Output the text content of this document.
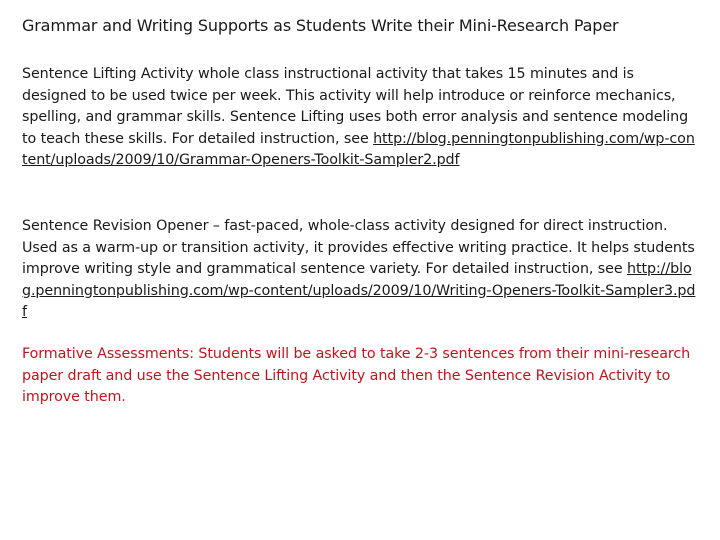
Grammar and Writing Supports as Students Write their Mini-Research Paper

Sentence Lifting Activity whole class instructional activity that takes 15 minutes and is designed to be used twice per week. This activity will help introduce or reinforce mechanics, spelling, and grammar skills. Sentence Lifting uses both error analysis and sentence modeling to teach these skills. For detailed instruction, see http://blog.penningtonpublishing.com/wp-content/uploads/2009/10/Grammar-Openers-Toolkit-Sampler2.pdf

Sentence Revision Opener – fast-paced, whole-class activity designed for direct instruction. Used as a warm-up or transition activity, it provides effective writing practice. It helps students improve writing style and grammatical sentence variety. For detailed instruction, see http://blog.penningtonpublishing.com/wp-content/uploads/2009/10/Writing-Openers-Toolkit-Sampler3.pdf

Formative Assessments: Students will be asked to take 2-3 sentences from their mini-research paper draft and use the Sentence Lifting Activity and then the Sentence Revision Activity to improve them.
